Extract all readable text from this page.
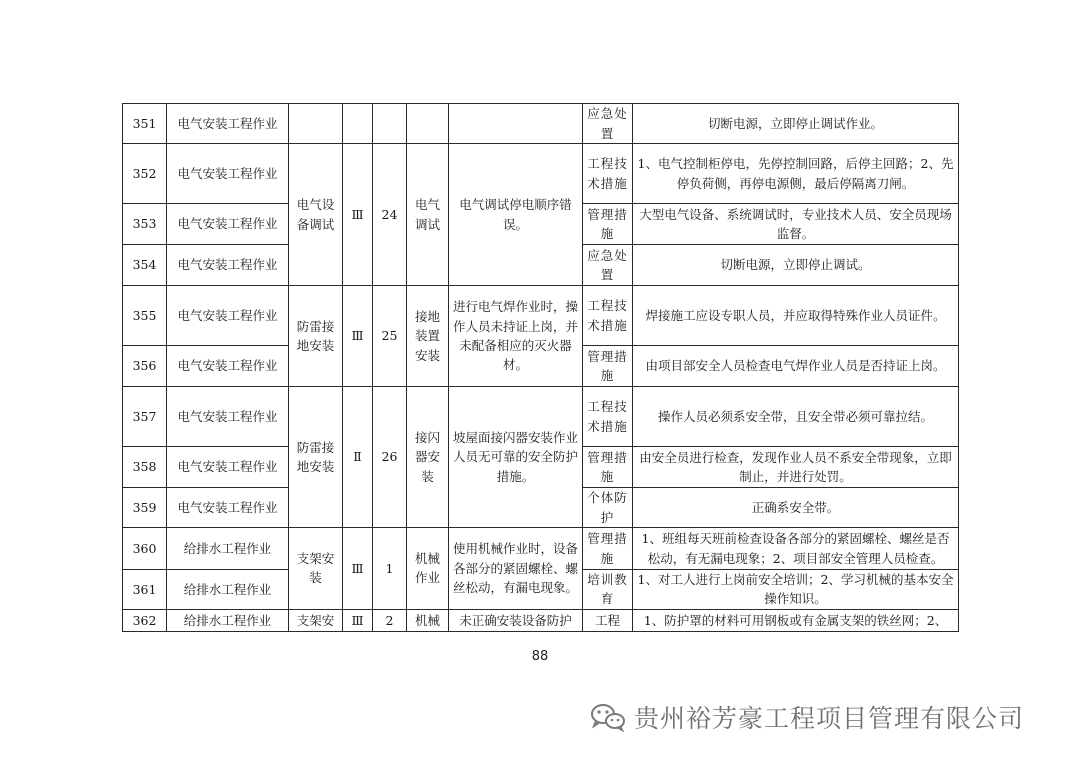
351	电气安装工程作业						应急处置	切断电源，立即停止调试作业。
352	电气安装工程作业	电气设备调试	Ⅲ	24	电气调试	电气调试停电顺序错误。	工程技术措施	1、电气控制柜停电，先停控制回路，后停主回路；2、先停负荷侧，再停电源侧，最后停隔离刀闸。
353	电气安装工程作业						管理措施	大型电气设备、系统调试时，专业技术人员、安全员现场监督。
354	电气安装工程作业						应急处置	切断电源，立即停止调试。
355	电气安装工程作业	防雷接地安装	Ⅲ	25	接地装置安装	进行电气焊作业时，操作人员未持证上岗，并未配备相应的灭火器材。	工程技术措施	焊接施工应设专职人员，并应取得特殊作业人员证件。
356	电气安装工程作业						管理措施	由项目部安全人员检查电气焊作业人员是否持证上岗。
357	电气安装工程作业	防雷接地安装	Ⅱ	26	接闪器安装	坡屋面接闪器安装作业人员无可靠的安全防护措施。	工程技术措施	操作人员必须系安全带，且安全带必须可靠拉结。
358	电气安装工程作业						管理措施	由安全员进行检查，发现作业人员不系安全带现象，立即制止，并进行处罚。
359	电气安装工程作业						个体防护	正确系安全带。
360	给排水工程作业	支架安装	Ⅲ	1	机械作业	使用机械作业时，设备各部分的紧固螺栓、螺丝松动，有漏电现象。	管理措施	1、班组每天班前检查设备各部分的紧固螺栓、螺丝是否松动，有无漏电现象；2、项目部安全管理人员检查。
361	给排水工程作业						培训教育	1、对工人进行上岗前安全培训；2、学习机械的基本安全操作知识。
362	给排水工程作业	支架安	Ⅲ	2	机械	未正确安装设备防护	工程	1、防护罩的材料可用钢板或有金属支架的铁丝网；2、
88
贵州裕芳豪工程项目管理有限公司
